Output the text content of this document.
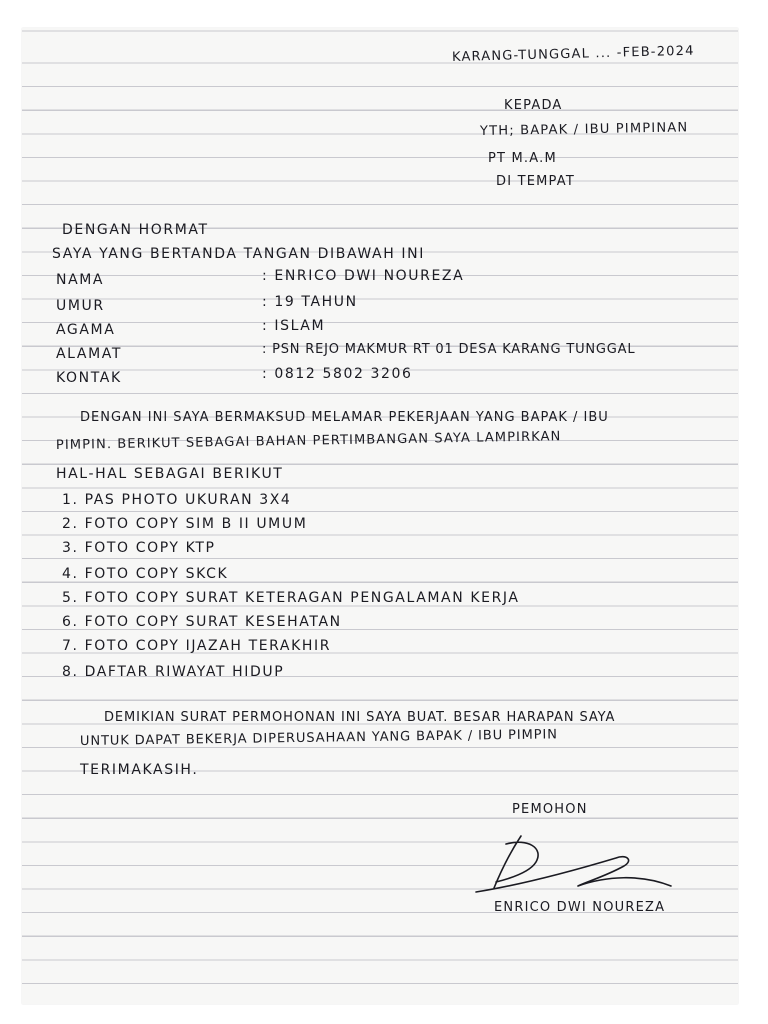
KARANG-TUNGGAL ... -FEB-2024
KEPADA
YTH; BAPAK / IBU PIMPINAN
PT M.A.M
DI TEMPAT
DENGAN HORMAT
SAYA YANG BERTANDA TANGAN DIBAWAH INI
NAMA	: ENRICO DWI NOUREZA
UMUR	: 19 TAHUN
AGAMA	: ISLAM
ALAMAT	: PSN REJO MAKMUR RT 01 DESA KARANG TUNGGAL
KONTAK	: 0812 5802 3206
DENGAN INI SAYA BERMAKSUD MELAMAR PEKERJAAN YANG BAPAK / IBU
PIMPIN. BERIKUT SEBAGAI BAHAN PERTIMBANGAN SAYA LAMPIRKAN
HAL-HAL SEBAGAI BERIKUT
1. PAS PHOTO UKURAN 3X4
2. FOTO COPY SIM B II UMUM
3. FOTO COPY KTP
4. FOTO COPY SKCK
5. FOTO COPY SURAT KETERAGAN PENGALAMAN KERJA
6. FOTO COPY SURAT KESEHATAN
7. FOTO COPY IJAZAH TERAKHIR
8. DAFTAR RIWAYAT HIDUP
DEMIKIAN SURAT PERMOHONAN INI SAYA BUAT. BESAR HARAPAN SAYA
UNTUK DAPAT BEKERJA DIPERUSAHAAN YANG BAPAK / IBU PIMPIN
TERIMAKASIH.
PEMOHON
ENRICO DWI NOUREZA
